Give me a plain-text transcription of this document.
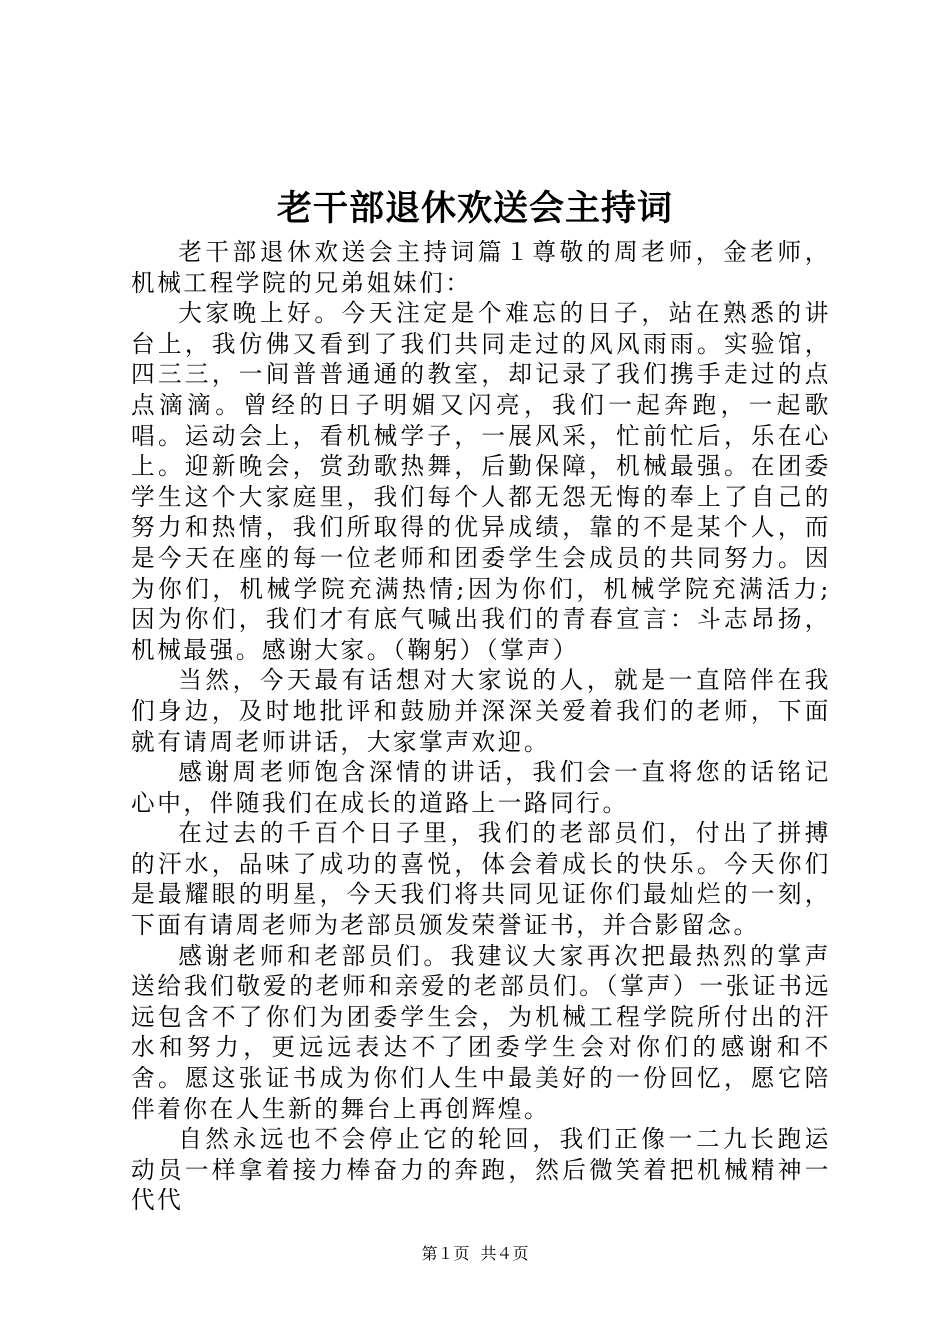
老干部退休欢送会主持词

老干部退休欢送会主持词篇１尊敬的周老师，金老师，机械工程学院的兄弟姐妹们：

大家晚上好。今天注定是个难忘的日子，站在熟悉的讲台上，我仿佛又看到了我们共同走过的风风雨雨。实验馆，四三三，一间普普通通的教室，却记录了我们携手走过的点点滴滴。曾经的日子明媚又闪亮，我们一起奔跑，一起歌唱。运动会上，看机械学子，一展风采，忙前忙后，乐在心上。迎新晚会，赏劲歌热舞，后勤保障，机械最强。在团委学生这个大家庭里，我们每个人都无怨无悔的奉上了自己的努力和热情，我们所取得的优异成绩，靠的不是某个人，而是今天在座的每一位老师和团委学生会成员的共同努力。因为你们，机械学院充满热情;因为你们，机械学院充满活力;因为你们，我们才有底气喊出我们的青春宣言：斗志昂扬，机械最强。感谢大家。（鞠躬）（掌声）

当然，今天最有话想对大家说的人，就是一直陪伴在我们身边，及时地批评和鼓励并深深关爱着我们的老师，下面就有请周老师讲话，大家掌声欢迎。

感谢周老师饱含深情的讲话，我们会一直将您的话铭记心中，伴随我们在成长的道路上一路同行。

在过去的千百个日子里，我们的老部员们，付出了拼搏的汗水，品味了成功的喜悦，体会着成长的快乐。今天你们是最耀眼的明星，今天我们将共同见证你们最灿烂的一刻，下面有请周老师为老部员颁发荣誉证书，并合影留念。

感谢老师和老部员们。我建议大家再次把最热烈的掌声送给我们敬爱的老师和亲爱的老部员们。（掌声）一张证书远远包含不了你们为团委学生会，为机械工程学院所付出的汗水和努力，更远远表达不了团委学生会对你们的感谢和不舍。愿这张证书成为你们人生中最美好的一份回忆，愿它陪伴着你在人生新的舞台上再创辉煌。

自然永远也不会停止它的轮回，我们正像一二九长跑运动员一样拿着接力棒奋力的奔跑，然后微笑着把机械精神一代代

第１页 共４页
